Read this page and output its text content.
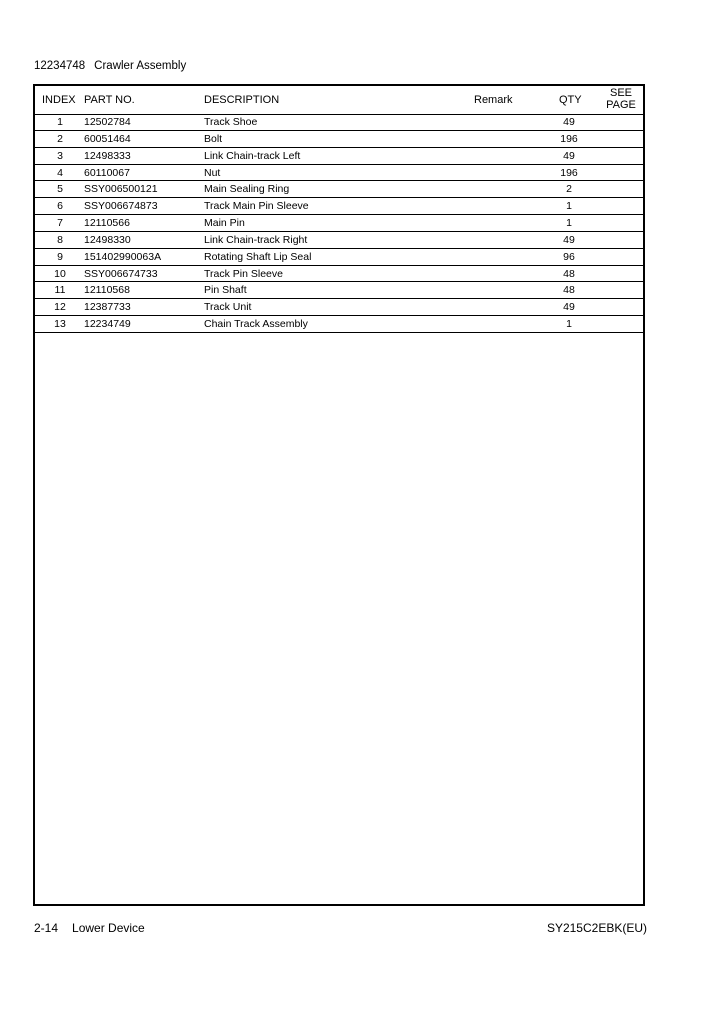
12234748 Crawler Assembly
INDEX PART NO.	DESCRIPTION	Remark	QTY
SEE
PAGE
1	12502784	Track Shoe	49
2	60051464	Bolt	196
3	12498333	Link Chain-track Left	49
4	60110067	Nut	196
5	SSY006500121	Main Sealing Ring	2
6	SSY006674873	Track Main Pin Sleeve	1
7	12110566	Main Pin	1
8	12498330	Link Chain-track Right	49
9	151402990063A	Rotating Shaft Lip Seal	96
10	SSY006674733	Track Pin Sleeve	48
11	12110568	Pin Shaft	48
12	12387733	Track Unit	49
13	12234749	Chain Track Assembly	1
2-14 Lower Device	SY215C2EBK(EU)
